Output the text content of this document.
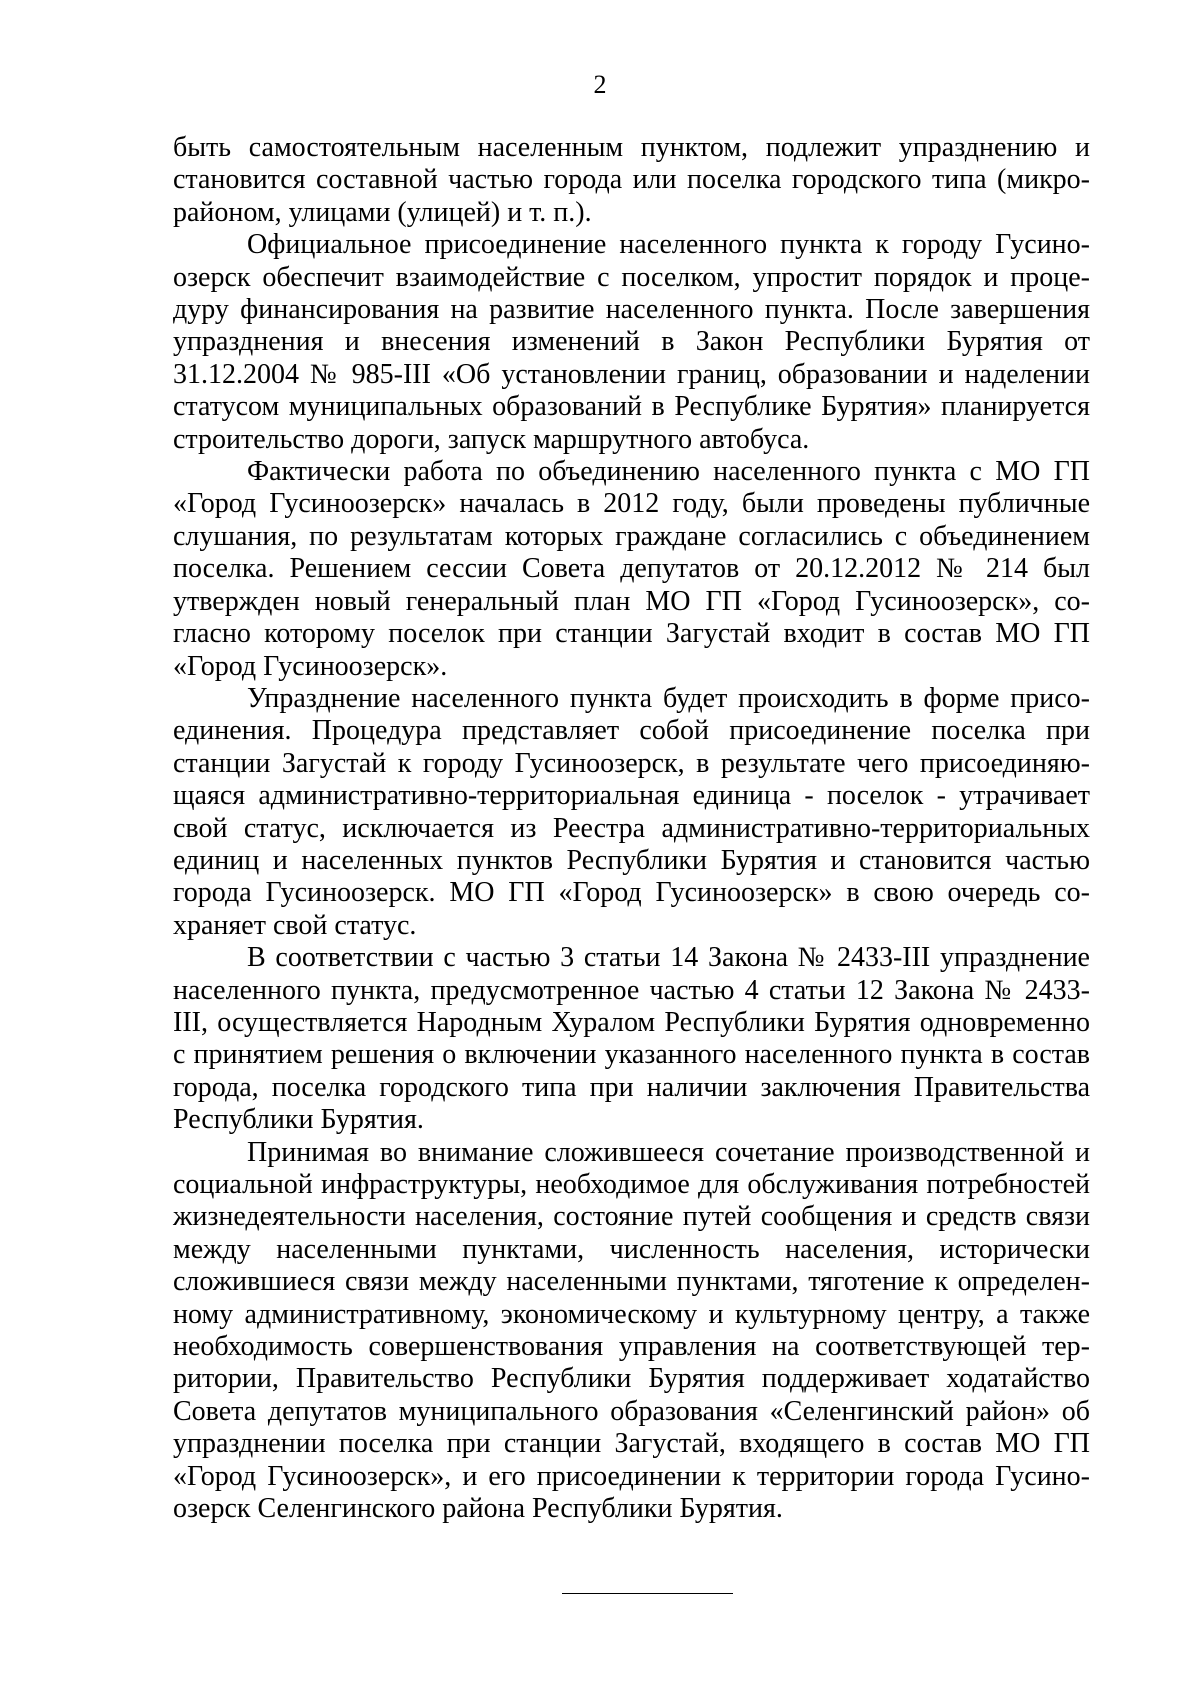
2

быть самостоятельным населенным пунктом, подлежит упразднению и становится составной частью города или поселка городского типа (микрорайоном, улицами (улицей) и т. п.).

Официальное присоединение населенного пункта к городу Гусиноозерск обеспечит взаимодействие с поселком, упростит порядок и процедуру финансирования на развитие населенного пункта. После завершения упразднения и внесения изменений в Закон Республики Бурятия от 31.12.2004 № 985-III «Об установлении границ, образовании и наделении статусом муниципальных образований в Республике Бурятия» планируется строительство дороги, запуск маршрутного автобуса.

Фактически работа по объединению населенного пункта с МО ГП «Город Гусиноозерск» началась в 2012 году, были проведены публичные слушания, по результатам которых граждане согласились с объединением поселка. Решением сессии Совета депутатов от 20.12.2012 № 214 был утвержден новый генеральный план МО ГП «Город Гусиноозерск», согласно которому поселок при станции Загустай входит в состав МО ГП «Город Гусиноозерск».

Упразднение населенного пункта будет происходить в форме присоединения. Процедура представляет собой присоединение поселка при станции Загустай к городу Гусиноозерск, в результате чего присоединяющаяся административно-территориальная единица - поселок - утрачивает свой статус, исключается из Реестра административно-территориальных единиц и населенных пунктов Республики Бурятия и становится частью города Гусиноозерск. МО ГП «Город Гусиноозерск» в свою очередь сохраняет свой статус.

В соответствии с частью 3 статьи 14 Закона № 2433-III упразднение населенного пункта, предусмотренное частью 4 статьи 12 Закона № 2433-III, осуществляется Народным Хуралом Республики Бурятия одновременно с принятием решения о включении указанного населенного пункта в состав города, поселка городского типа при наличии заключения Правительства Республики Бурятия.

Принимая во внимание сложившееся сочетание производственной и социальной инфраструктуры, необходимое для обслуживания потребностей жизнедеятельности населения, состояние путей сообщения и средств связи между населенными пунктами, численность населения, исторически сложившиеся связи между населенными пунктами, тяготение к определенному административному, экономическому и культурному центру, а также необходимость совершенствования управления на соответствующей территории, Правительство Республики Бурятия поддерживает ходатайство Совета депутатов муниципального образования «Селенгинский район» об упразднении поселка при станции Загустай, входящего в состав МО ГП «Город Гусиноозерск», и его присоединении к территории города Гусиноозерск Селенгинского района Республики Бурятия.
